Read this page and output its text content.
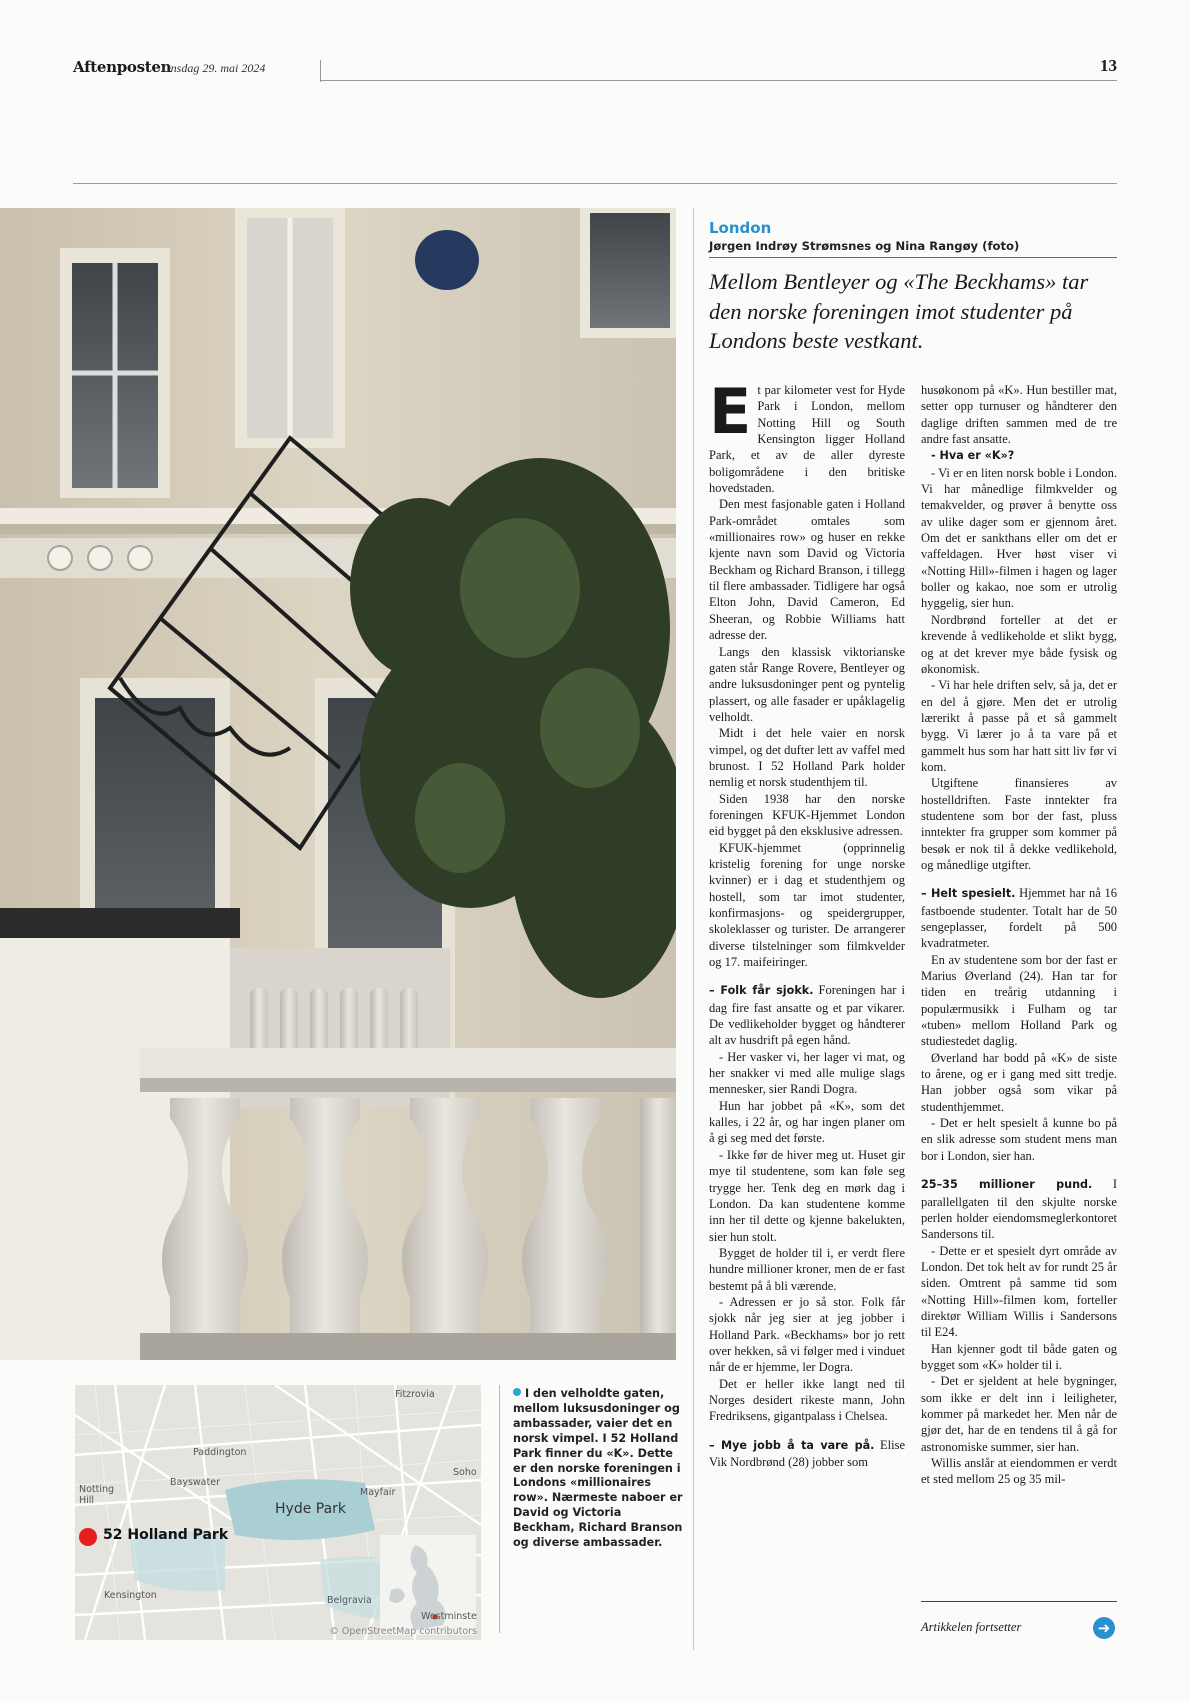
Aftenposten
Onsdag 29. mai 2024	13
Fitzrovia
Paddington
Soho
Bayswater
Notting Hill
Mayfair
Hyde Park
Kensington	Belgravia
Westminste
© OpenStreetMap contributors
52 Holland Park
I den velholdte gaten, mellom luksusdoninger og ambassader, vaier det en norsk vimpel. I 52 Holland Park finner du «K». Dette er den norske foreningen i Londons «millionaires row». Nærmeste naboer er David og Victoria Beckham, Richard Branson og diverse ambassader.
London
Jørgen Indrøy Strømsnes og Nina Rangøy (foto)
Mellom Bentleyer og «The Beckhams» tar den norske foreningen imot studenter på Londons beste vestkant.

Et par kilometer vest for Hyde Park i London, mellom Notting Hill og South Kensington ligger Holland Park, et av de aller dyreste boligområdene i den britiske hovedstaden.

Den mest fasjonable gaten i Holland Park-området omtales som «millionaires row» og huser en rekke kjente navn som David og Victoria Beckham og Richard Branson, i tillegg til flere ambassader. Tidligere har også Elton John, David Cameron, Ed Sheeran, og Robbie Williams hatt adresse der.

Langs den klassisk viktorianske gaten står Range Rovere, Bentleyer og andre luksusdoninger pent og pyntelig plassert, og alle fasader er upåklagelig velholdt.

Midt i det hele vaier en norsk vimpel, og det dufter lett av vaffel med brunost. I 52 Holland Park holder nemlig et norsk studenthjem til.

Siden 1938 har den norske foreningen KFUK-Hjemmet London eid bygget på den eksklusive adressen.

KFUK-hjemmet (opprinnelig kristelig forening for unge norske kvinner) er i dag et studenthjem og hostell, som tar imot studenter, konfirmasjons- og speidergrupper, skoleklasser og turister. De arrangerer diverse tilstelninger som filmkvelder og 17. maifeiringer.

– Folk får sjokk. Foreningen har i dag fire fast ansatte og et par vikarer. De vedlikeholder bygget og håndterer alt av husdrift på egen hånd.

- Her vasker vi, her lager vi mat, og her snakker vi med alle mulige slags mennesker, sier Randi Dogra.

Hun har jobbet på «K», som det kalles, i 22 år, og har ingen planer om å gi seg med det første.

- Ikke før de hiver meg ut. Huset gir mye til studentene, som kan føle seg trygge her. Tenk deg en mørk dag i London. Da kan studentene komme inn her til dette og kjenne bakelukten, sier hun stolt.

Bygget de holder til i, er verdt flere hundre millioner kroner, men de er fast bestemt på å bli værende.

- Adressen er jo så stor. Folk får sjokk når jeg sier at jeg jobber i Holland Park. «Beckhams» bor jo rett over hekken, så vi følger med i vinduet når de er hjemme, ler Dogra.

Det er heller ikke langt ned til Norges desidert rikeste mann, John Fredriksens, gigantpalass i Chelsea.

– Mye jobb å ta vare på. Elise Vik Nordbrønd (28) jobber som

husøkonom på «K». Hun bestiller mat, setter opp turnuser og håndterer den daglige driften sammen med de tre andre fast ansatte.

- Hva er «K»?

- Vi er en liten norsk boble i London. Vi har månedlige filmkvelder og temakvelder, og prøver å benytte oss av ulike dager som er gjennom året. Om det er sankthans eller om det er vaffeldagen. Hver høst viser vi «Notting Hill»-filmen i hagen og lager boller og kakao, noe som er utrolig hyggelig, sier hun.

Nordbrønd forteller at det er krevende å vedlikeholde et slikt bygg, og at det krever mye både fysisk og økonomisk.

- Vi har hele driften selv, så ja, det er en del å gjøre. Men det er utrolig lærerikt å passe på et så gammelt bygg. Vi lærer jo å ta vare på et gammelt hus som har hatt sitt liv før vi kom.

Utgiftene finansieres av hostelldriften. Faste inntekter fra studentene som bor der fast, pluss inntekter fra grupper som kommer på besøk er nok til å dekke vedlikehold, og månedlige utgifter.

– Helt spesielt. Hjemmet har nå 16 fastboende studenter. Totalt har de 50 sengeplasser, fordelt på 500 kvadratmeter.

En av studentene som bor der fast er Marius Øverland (24). Han tar for tiden en treårig utdanning i populærmusikk i Fulham og tar «tuben» mellom Holland Park og studiestedet daglig.

Øverland har bodd på «K» de siste to årene, og er i gang med sitt tredje. Han jobber også som vikar på studenthjemmet.

- Det er helt spesielt å kunne bo på en slik adresse som student mens man bor i London, sier han.

25–35 millioner pund. I parallellgaten til den skjulte norske perlen holder eiendomsmeglerkontoret Sandersons til.

- Dette er et spesielt dyrt område av London. Det tok helt av for rundt 25 år siden. Omtrent på samme tid som «Notting Hill»-filmen kom, forteller direktør William Willis i Sandersons til E24.

Han kjenner godt til både gaten og bygget som «K» holder til i.

- Det er sjeldent at hele bygninger, som ikke er delt inn i leiligheter, kommer på markedet her. Men når de gjør det, har de en tendens til å gå for astronomiske summer, sier han.

Willis anslår at eiendommen er verdt et sted mellom 25 og 35 mil-

Artikkelen fortsetter	➜
